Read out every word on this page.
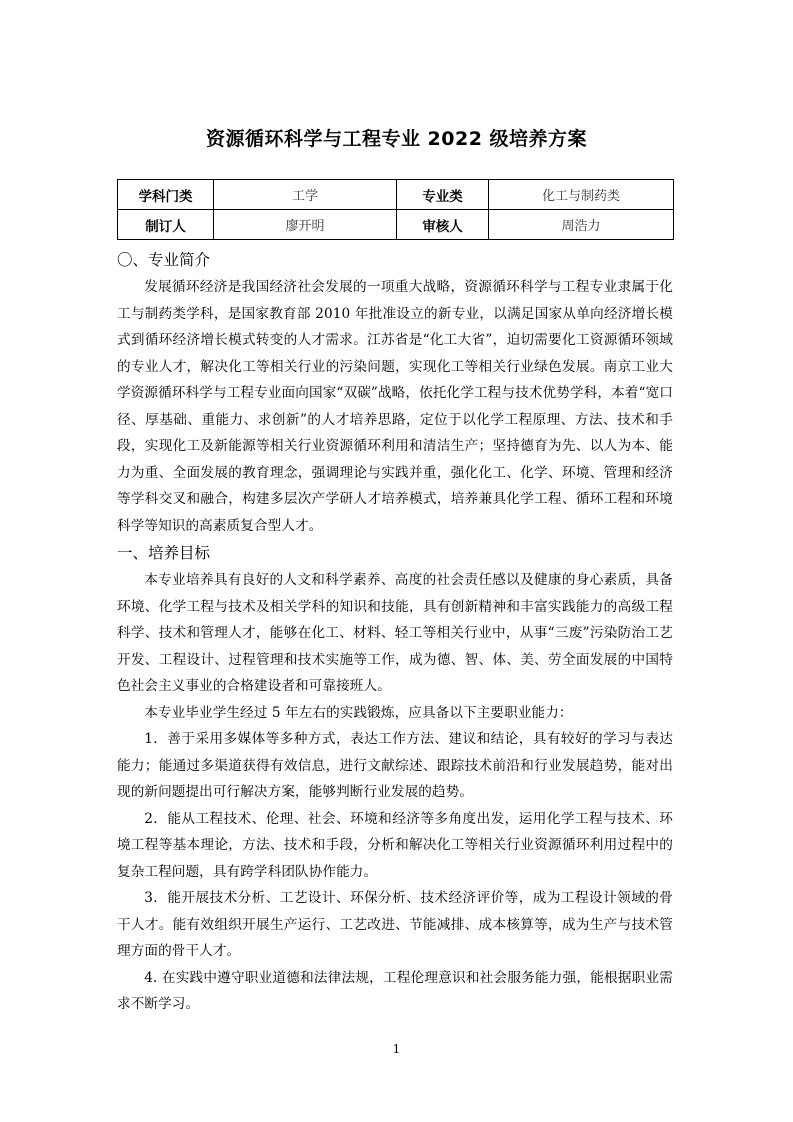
资源循环科学与工程专业 2022 级培养方案
学科门类	工学	专业类	化工与制药类
制订人	廖开明	审核人	周浩力
〇、专业简介

发展循环经济是我国经济社会发展的一项重大战略，资源循环科学与工程专业隶属于化工与制药类学科，是国家教育部 2010 年批准设立的新专业，以满足国家从单向经济增长模式到循环经济增长模式转变的人才需求。江苏省是“化工大省”，迫切需要化工资源循环领域的专业人才，解决化工等相关行业的污染问题，实现化工等相关行业绿色发展。南京工业大学资源循环科学与工程专业面向国家“双碳”战略，依托化学工程与技术优势学科，本着“宽口径、厚基础、重能力、求创新”的人才培养思路，定位于以化学工程原理、方法、技术和手段，实现化工及新能源等相关行业资源循环利用和清洁生产；坚持德育为先、以人为本、能力为重、全面发展的教育理念，强调理论与实践并重，强化化工、化学、环境、管理和经济等学科交叉和融合，构建多层次产学研人才培养模式，培养兼具化学工程、循环工程和环境科学等知识的高素质复合型人才。

一、培养目标

本专业培养具有良好的人文和科学素养、高度的社会责任感以及健康的身心素质，具备环境、化学工程与技术及相关学科的知识和技能，具有创新精神和丰富实践能力的高级工程科学、技术和管理人才，能够在化工、材料、轻工等相关行业中，从事“三废”污染防治工艺开发、工程设计、过程管理和技术实施等工作，成为德、智、体、美、劳全面发展的中国特色社会主义事业的合格建设者和可靠接班人。

本专业毕业学生经过 5 年左右的实践锻炼，应具备以下主要职业能力：

1．善于采用多媒体等多种方式，表达工作方法、建议和结论，具有较好的学习与表达能力；能通过多渠道获得有效信息，进行文献综述、跟踪技术前沿和行业发展趋势，能对出现的新问题提出可行解决方案，能够判断行业发展的趋势。

2．能从工程技术、伦理、社会、环境和经济等多角度出发，运用化学工程与技术、环境工程等基本理论，方法、技术和手段，分析和解决化工等相关行业资源循环利用过程中的复杂工程问题，具有跨学科团队协作能力。

3．能开展技术分析、工艺设计、环保分析、技术经济评价等，成为工程设计领域的骨干人才。能有效组织开展生产运行、工艺改进、节能减排、成本核算等，成为生产与技术管理方面的骨干人才。

4. 在实践中遵守职业道德和法律法规，工程伦理意识和社会服务能力强，能根据职业需求不断学习。

1
